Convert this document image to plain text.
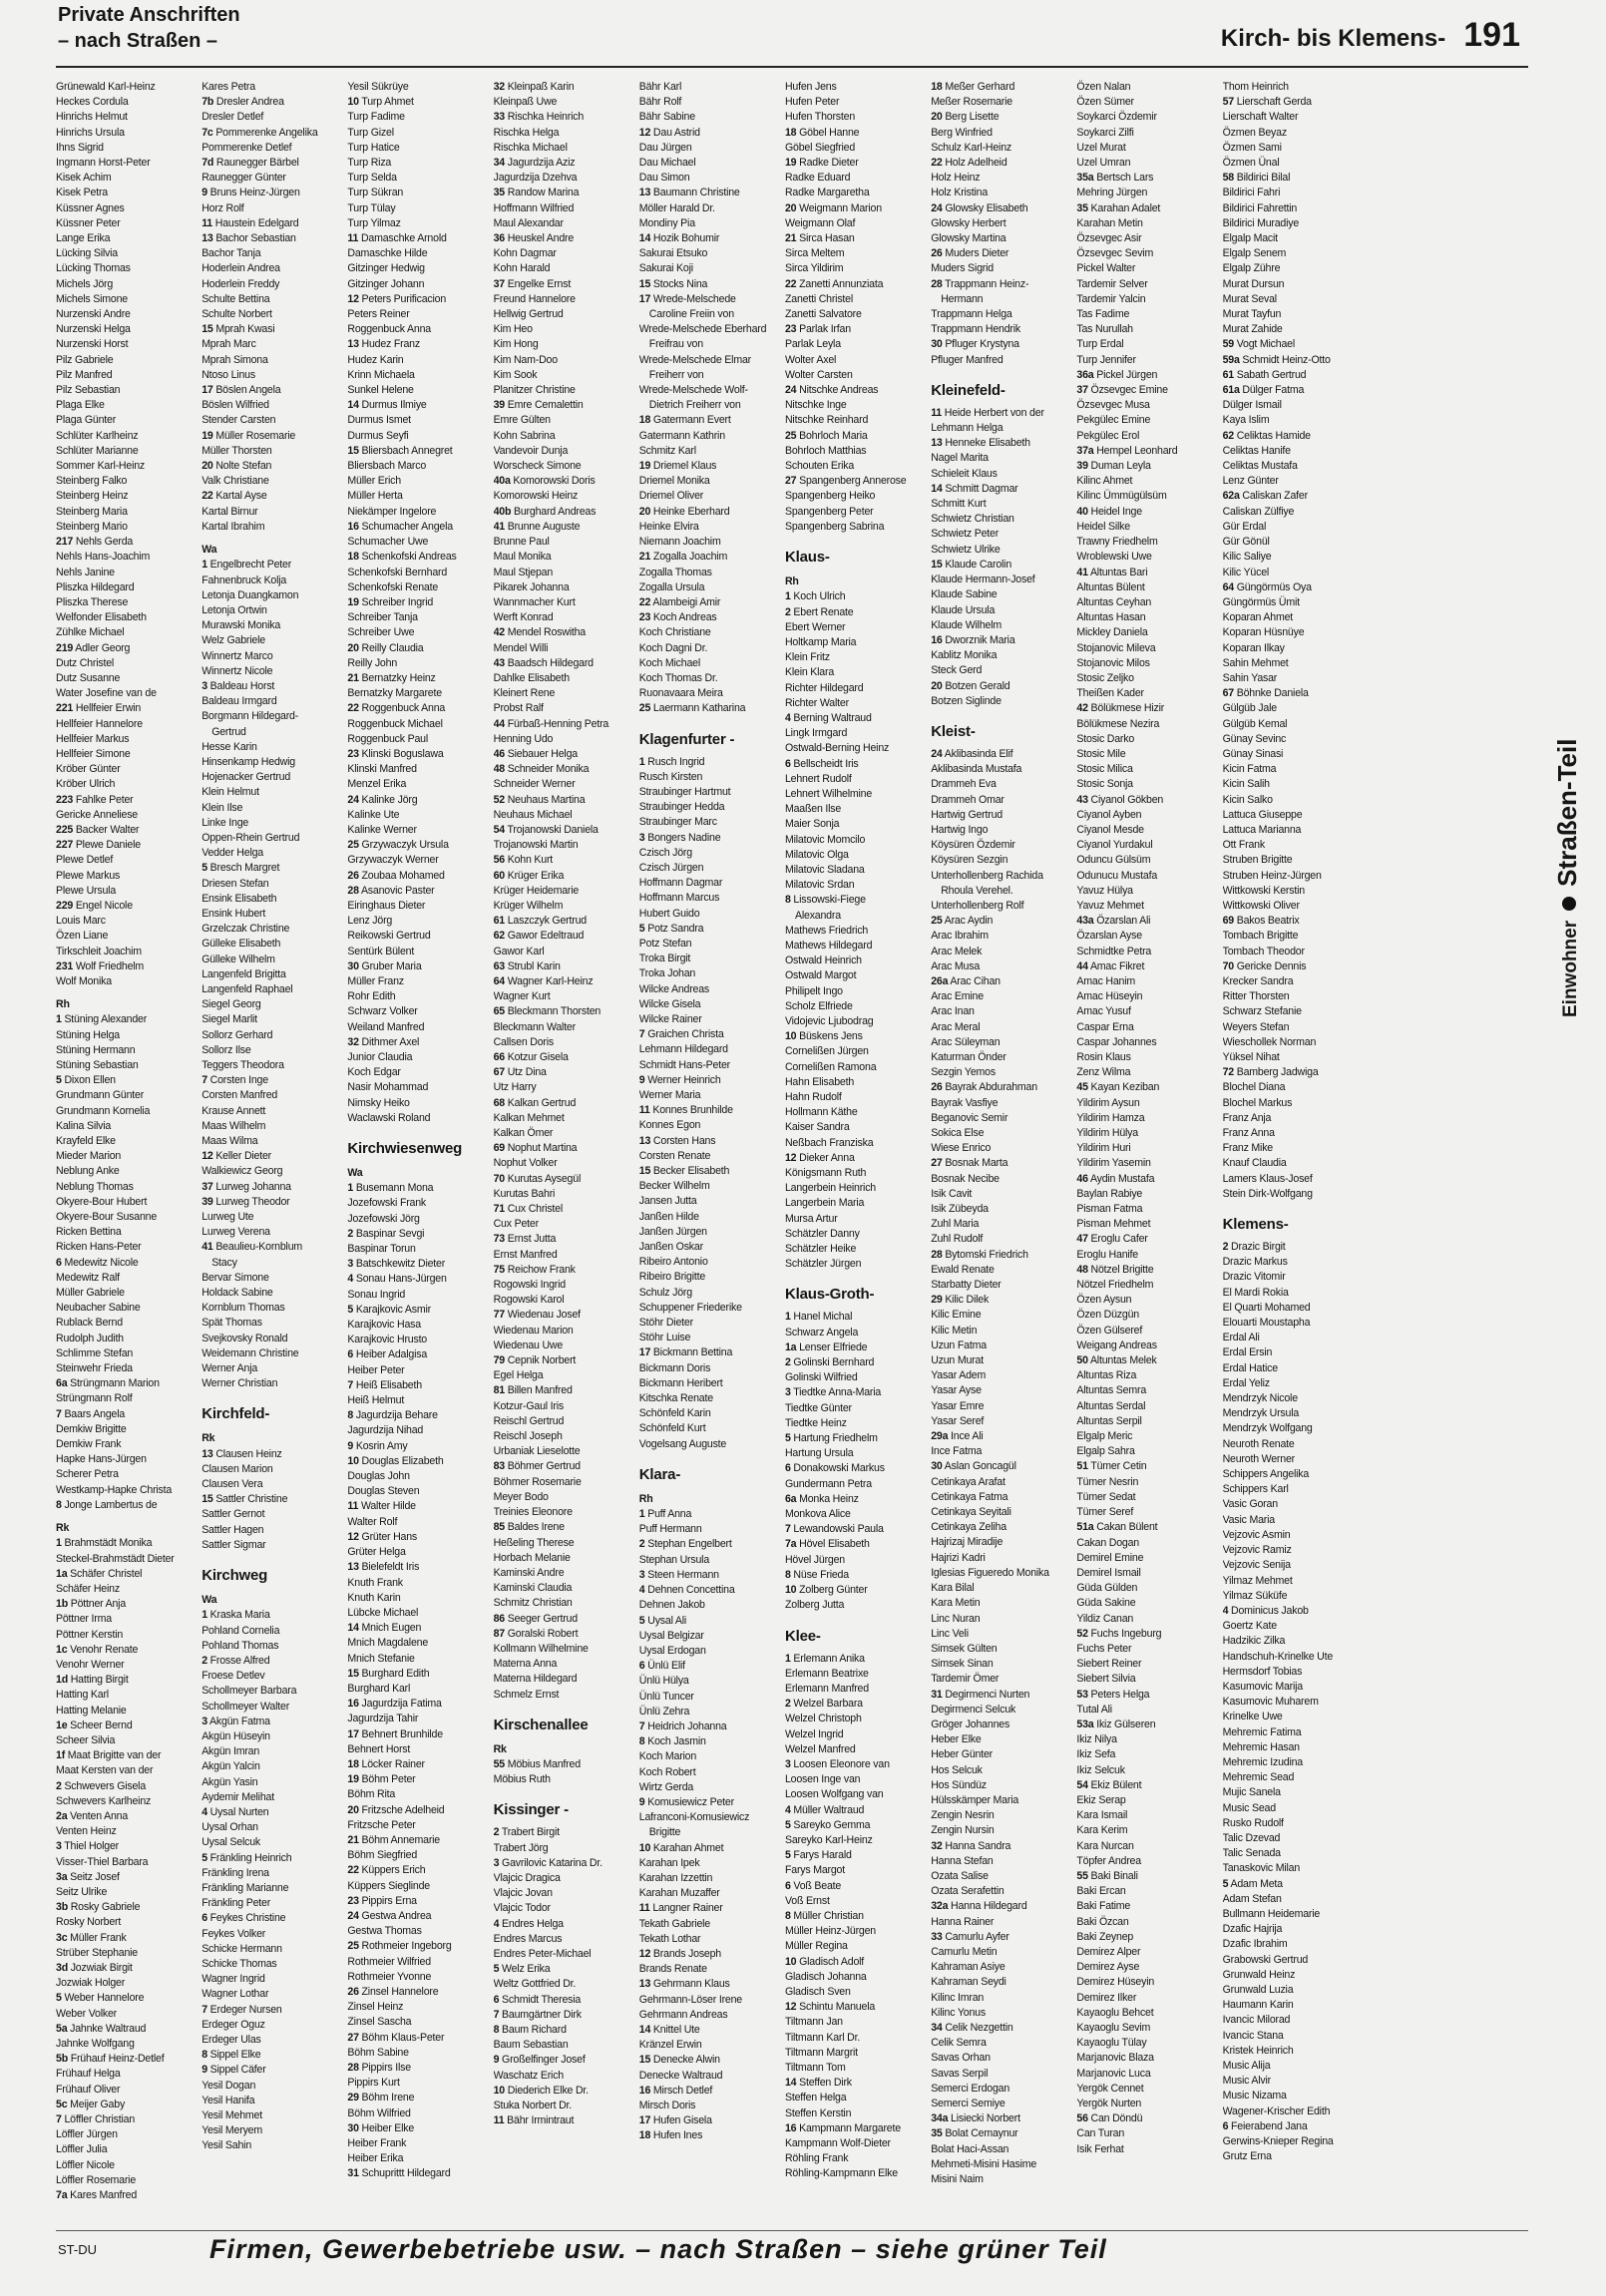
Private Anschriften
– nach Straßen –	Kirch- bis Klemens- 191
Grünewald Karl-Heinz
Heckes Cordula
Hinrichs Helmut
Hinrichs Ursula
Ihns Sigrid
Ingmann Horst-Peter
Kisek Achim
Kisek Petra
Küssner Agnes
Küssner Peter
Lange Erika
Lücking Silvia
Lücking Thomas
Michels Jörg
Michels Simone
Nurzenski Andre
Nurzenski Helga
Nurzenski Horst
Pilz Gabriele
Pilz Manfred
Pilz Sebastian
Plaga Elke
Plaga Günter
Schlüter Karlheinz
Schlüter Marianne
Sommer Karl-Heinz
Steinberg Falko
Steinberg Heinz
Steinberg Maria
Steinberg Mario
217 Nehls Gerda
Nehls Hans-Joachim
Nehls Janine
Pliszka Hildegard
Pliszka Therese
Welfonder Elisabeth
Zühlke Michael
219 Adler Georg
Dutz Christel
Dutz Susanne
Water Josefine van de
221 Hellfeier Erwin
Hellfeier Hannelore
Hellfeier Markus
Hellfeier Simone
Kröber Günter
Kröber Ulrich
223 Fahlke Peter
Gericke Anneliese
225 Backer Walter
227 Plewe Daniele
Plewe Detlef
Plewe Markus
Plewe Ursula
229 Engel Nicole
Louis Marc
Özen Liane
Tirkschleit Joachim
231 Wolf Friedhelm
Wolf Monika
Rh
1 Stüning Alexander
Stüning Helga
Stüning Hermann
Stüning Sebastian
5 Dixon Ellen
Grundmann Günter
Grundmann Kornelia
Kalina Silvia
Krayfeld Elke
Mieder Marion
Neblung Anke
Neblung Thomas
Okyere-Bour Hubert
Okyere-Bour Susanne
Ricken Bettina
Ricken Hans-Peter
6 Medewitz Nicole
Medewitz Ralf
Müller Gabriele
Neubacher Sabine
Rublack Bernd
Rudolph Judith
Schlimme Stefan
Steinwehr Frieda
6a Strüngmann Marion
Strüngmann Rolf
7 Baars Angela
Demkiw Brigitte
Demkiw Frank
Hapke Hans-Jürgen
Scherer Petra
Westkamp-Hapke Christa
8 Jonge Lambertus de
Rk
1 Brahmstädt Monika
Steckel-Brahmstädt Dieter
1a Schäfer Christel
Schäfer Heinz
1b Pöttner Anja
Pöttner Irma
Pöttner Kerstin
1c Venohr Renate
Venohr Werner
1d Hatting Birgit
Hatting Karl
Hatting Melanie
1e Scheer Bernd
Scheer Silvia
1f Maat Brigitte van der
Maat Kersten van der
2 Schwevers Gisela
Schwevers Karlheinz
2a Venten Anna
Venten Heinz
3 Thiel Holger
Visser-Thiel Barbara
3a Seitz Josef
Seitz Ulrike
3b Rosky Gabriele
Rosky Norbert
3c Müller Frank
Strüber Stephanie
3d Jozwiak Birgit
Jozwiak Holger
5 Weber Hannelore
Weber Volker
5a Jahnke Waltraud
Jahnke Wolfgang
5b Frühauf Heinz-Detlef
Frühauf Helga
Frühauf Oliver
5c Meijer Gaby
7 Löffler Christian
Löffler Jürgen
Löffler Julia
Löffler Nicole
Löffler Rosemarie
7a Kares Manfred
Kares Petra
7b Dresler Andrea
Dresler Detlef
7c Pommerenke Angelika
Pommerenke Detlef
7d Raunegger Bärbel
Raunegger Günter
9 Bruns Heinz-Jürgen
Horz Rolf
11 Haustein Edelgard
13 Bachor Sebastian
Bachor Tanja
Hoderlein Andrea
Hoderlein Freddy
Schulte Bettina
Schulte Norbert
15 Mprah Kwasi
Mprah Marc
Mprah Simona
Ntoso Linus
17 Böslen Angela
Böslen Wilfried
Stender Carsten
19 Müller Rosemarie
Müller Thorsten
20 Nolte Stefan
Valk Christiane
22 Kartal Ayse
Kartal Birnur
Kartal Ibrahim
Wa
1 Engelbrecht Peter
Fahnenbruck Kolja
Letonja Duangkamon
Letonja Ortwin
Murawski Monika
Welz Gabriele
Winnertz Marco
Winnertz Nicole
3 Baldeau Horst
Baldeau Irmgard
Borgmann Hildegard-
Gertrud
Hesse Karin
Hinsenkamp Hedwig
Hojenacker Gertrud
Klein Helmut
Klein Ilse
Linke Inge
Oppen-Rhein Gertrud
Vedder Helga
5 Bresch Margret
Driesen Stefan
Ensink Elisabeth
Ensink Hubert
Grzelczak Christine
Gülleke Elisabeth
Gülleke Wilhelm
Langenfeld Brigitta
Langenfeld Raphael
Siegel Georg
Siegel Marlit
Sollorz Gerhard
Sollorz Ilse
Teggers Theodora
7 Corsten Inge
Corsten Manfred
Krause Annett
Maas Wilhelm
Maas Wilma
12 Keller Dieter
Walkiewicz Georg
37 Lurweg Johanna
39 Lurweg Theodor
Lurweg Ute
Lurweg Verena
41 Beaulieu-Kornblum
Stacy
Bervar Simone
Holdack Sabine
Kornblum Thomas
Spät Thomas
Svejkovsky Ronald
Weidemann Christine
Werner Anja
Werner Christian
Kirchfeld-
Rk
13 Clausen Heinz
Clausen Marion
Clausen Vera
15 Sattler Christine
Sattler Gernot
Sattler Hagen
Sattler Sigmar
Kirchweg
Wa
1 Kraska Maria
Pohland Cornelia
Pohland Thomas
2 Frosse Alfred
Froese Detlev
Schollmeyer Barbara
Schollmeyer Walter
3 Akgün Fatma
Akgün Hüseyin
Akgün Imran
Akgün Yalcin
Akgün Yasin
Aydemir Melihat
4 Uysal Nurten
Uysal Orhan
Uysal Selcuk
5 Fränkling Heinrich
Fränkling Irena
Fränkling Marianne
Fränkling Peter
6 Feykes Christine
Feykes Volker
Schicke Hermann
Schicke Thomas
Wagner Ingrid
Wagner Lothar
7 Erdeger Nursen
Erdeger Oguz
Erdeger Ulas
8 Sippel Elke
9 Sippel Cäfer
Yesil Dogan
Yesil Hanifa
Yesil Mehmet
Yesil Meryem
Yesil Sahin
Yesil Sükrüye
10 Turp Ahmet
Turp Fadime
Turp Gizel
Turp Hatice
Turp Riza
Turp Selda
Turp Sükran
Turp Tülay
Turp Yilmaz
11 Damaschke Arnold
Damaschke Hilde
Gitzinger Hedwig
Gitzinger Johann
12 Peters Purificacion
Peters Reiner
Roggenbuck Anna
13 Hudez Franz
Hudez Karin
Krinn Michaela
Sunkel Helene
14 Durmus Ilmiye
Durmus Ismet
Durmus Seyfi
15 Bliersbach Annegret
Bliersbach Marco
Müller Erich
Müller Herta
Niekämper Ingelore
16 Schumacher Angela
Schumacher Uwe
18 Schenkofski Andreas
Schenkofski Bernhard
Schenkofski Renate
19 Schreiber Ingrid
Schreiber Tanja
Schreiber Uwe
20 Reilly Claudia
Reilly John
21 Bernatzky Heinz
Bernatzky Margarete
22 Roggenbuck Anna
Roggenbuck Michael
Roggenbuck Paul
23 Klinski Boguslawa
Klinski Manfred
Menzel Erika
24 Kalinke Jörg
Kalinke Ute
Kalinke Werner
25 Grzywaczyk Ursula
Grzywaczyk Werner
26 Zoubaa Mohamed
28 Asanovic Paster
Eiringhaus Dieter
Lenz Jörg
Reikowski Gertrud
Sentürk Bülent
30 Gruber Maria
Müller Franz
Rohr Edith
Schwarz Volker
Weiland Manfred
32 Dithmer Axel
Junior Claudia
Koch Edgar
Nasir Mohammad
Nimsky Heiko
Waclawski Roland
Kirchwiesenweg
Wa
1 Busemann Mona
Jozefowski Frank
Jozefowski Jörg
2 Baspinar Sevgi
Baspinar Torun
3 Batschkewitz Dieter
4 Sonau Hans-Jürgen
Sonau Ingrid
5 Karajkovic Asmir
Karajkovic Hasa
Karajkovic Hrusto
6 Heiber Adalgisa
Heiber Peter
7 Heiß Elisabeth
Heiß Helmut
8 Jagurdzija Behare
Jagurdzija Nihad
9 Kosrin Amy
10 Douglas Elizabeth
Douglas John
Douglas Steven
11 Walter Hilde
Walter Rolf
12 Grüter Hans
Grüter Helga
13 Bielefeldt Iris
Knuth Frank
Knuth Karin
Lübcke Michael
14 Mnich Eugen
Mnich Magdalene
Mnich Stefanie
15 Burghard Edith
Burghard Karl
16 Jagurdzija Fatima
Jagurdzija Tahir
17 Behnert Brunhilde
Behnert Horst
18 Löcker Rainer
19 Böhm Peter
Böhm Rita
20 Fritzsche Adelheid
Fritzsche Peter
21 Böhm Annemarie
Böhm Siegfried
22 Küppers Erich
Küppers Sieglinde
23 Pippirs Erna
24 Gestwa Andrea
Gestwa Thomas
25 Rothmeier Ingeborg
Rothmeier Wilfried
Rothmeier Yvonne
26 Zinsel Hannelore
Zinsel Heinz
Zinsel Sascha
27 Böhm Klaus-Peter
Böhm Sabine
28 Pippirs Ilse
Pippirs Kurt
29 Böhm Irene
Böhm Wilfried
30 Heiber Elke
Heiber Frank
Heiber Erika
31 Schuprittt Hildegard
32 Kleinpaß Karin
Kleinpaß Uwe
33 Rischka Heinrich
Rischka Helga
Rischka Michael
34 Jagurdzija Aziz
Jagurdzija Dzehva
35 Randow Marina
Hoffmann Wilfried
Maul Alexandar
36 Heuskel Andre
Kohn Dagmar
Kohn Harald
37 Engelke Ernst
Freund Hannelore
Hellwig Gertrud
Kim Heo
Kim Hong
Kim Nam-Doo
Kim Sook
Planitzer Christine
39 Emre Cemalettin
Emre Gülten
Kohn Sabrina
Vandevoir Dunja
Worscheck Simone
40a Komorowski Doris
Komorowski Heinz
40b Burghard Andreas
41 Brunne Auguste
Brunne Paul
Maul Monika
Maul Stjepan
Pikarek Johanna
Wannmacher Kurt
Werft Konrad
42 Mendel Roswitha
Mendel Willi
43 Baadsch Hildegard
Dahlke Elisabeth
Kleinert Rene
Probst Ralf
44 Fürbaß-Henning Petra
Henning Udo
46 Siebauer Helga
48 Schneider Monika
Schneider Werner
52 Neuhaus Martina
Neuhaus Michael
54 Trojanowski Daniela
Trojanowski Martin
56 Kohn Kurt
60 Krüger Erika
Krüger Heidemarie
Krüger Wilhelm
61 Laszczyk Gertrud
62 Gawor Edeltraud
Gawor Karl
63 Strubl Karin
64 Wagner Karl-Heinz
Wagner Kurt
65 Bleckmann Thorsten
Bleckmann Walter
Callsen Doris
66 Kotzur Gisela
67 Utz Dina
Utz Harry
68 Kalkan Gertrud
Kalkan Mehmet
Kalkan Ömer
69 Nophut Martina
Nophut Volker
70 Kurutas Aysegül
Kurutas Bahri
71 Cux Christel
Cux Peter
73 Ernst Jutta
Ernst Manfred
75 Reichow Frank
Rogowski Ingrid
Rogowski Karol
77 Wiedenau Josef
Wiedenau Marion
Wiedenau Uwe
79 Cepnik Norbert
Egel Helga
81 Billen Manfred
Kotzur-Gaul Iris
Reischl Gertrud
Reischl Joseph
Urbaniak Lieselotte
83 Böhmer Gertrud
Böhmer Rosemarie
Meyer Bodo
Treinies Eleonore
85 Baldes Irene
Heßeling Therese
Horbach Melanie
Kaminski Andre
Kaminski Claudia
Schmitz Christian
86 Seeger Gertrud
87 Goralski Robert
Kollmann Wilhelmine
Materna Anna
Materna Hildegard
Schmelz Ernst
Kirschenallee
Rk
55 Möbius Manfred
Möbius Ruth
Kissinger -
2 Trabert Birgit
Trabert Jörg
3 Gavrilovic Katarina Dr.
Vlajcic Dragica
Vlajcic Jovan
Vlajcic Todor
4 Endres Helga
Endres Marcus
Endres Peter-Michael
5 Welz Erika
Weltz Gottfried Dr.
6 Schmidt Theresia
7 Baumgärtner Dirk
8 Baum Richard
Baum Sebastian
9 Großelfinger Josef
Waschatz Erich
10 Diederich Elke Dr.
Stuka Norbert Dr.
11 Bähr Irmintraut
Bähr Karl
Bähr Rolf
Bähr Sabine
12 Dau Astrid
Dau Jürgen
Dau Michael
Dau Simon
13 Baumann Christine
Möller Harald Dr.
Mondiny Pia
14 Hozik Bohumir
Sakurai Etsuko
Sakurai Koji
15 Stocks Nina
17 Wrede-Melschede
Caroline Freiin von
Wrede-Melschede Eberhard
Freifrau von
Wrede-Melschede Elmar
Freiherr von
Wrede-Melschede Wolf-
Dietrich Freiherr von
18 Gatermann Evert
Gatermann Kathrin
Schmitz Karl
19 Driemel Klaus
Driemel Monika
Driemel Oliver
20 Heinke Eberhard
Heinke Elvira
Niemann Joachim
21 Zogalla Joachim
Zogalla Thomas
Zogalla Ursula
22 Alambeigi Amir
23 Koch Andreas
Koch Christiane
Koch Dagni Dr.
Koch Michael
Koch Thomas Dr.
Ruonavaara Meira
25 Laermann Katharina
Klagenfurter -
1 Rusch Ingrid
Rusch Kirsten
Straubinger Hartmut
Straubinger Hedda
Straubinger Marc
3 Bongers Nadine
Czisch Jörg
Czisch Jürgen
Hoffmann Dagmar
Hoffmann Marcus
Hubert Guido
5 Potz Sandra
Potz Stefan
Troka Birgit
Troka Johan
Wilcke Andreas
Wilcke Gisela
Wilcke Rainer
7 Graichen Christa
Lehmann Hildegard
Schmidt Hans-Peter
9 Werner Heinrich
Werner Maria
11 Konnes Brunhilde
Konnes Egon
13 Corsten Hans
Corsten Renate
15 Becker Elisabeth
Becker Wilhelm
Jansen Jutta
Janßen Hilde
Janßen Jürgen
Janßen Oskar
Ribeiro Antonio
Ribeiro Brigitte
Schulz Jörg
Schuppener Friederike
Stöhr Dieter
Stöhr Luise
17 Bickmann Bettina
Bickmann Doris
Bickmann Heribert
Kitschka Renate
Schönfeld Karin
Schönfeld Kurt
Vogelsang Auguste
Klara-
Rh
1 Puff Anna
Puff Hermann
2 Stephan Engelbert
Stephan Ursula
3 Steen Hermann
4 Dehnen Concettina
Dehnen Jakob
5 Uysal Ali
Uysal Belgizar
Uysal Erdogan
6 Ünlü Elif
Ünlü Hülya
Ünlü Tuncer
Ünlü Zehra
7 Heidrich Johanna
8 Koch Jasmin
Koch Marion
Koch Robert
Wirtz Gerda
9 Komusiewicz Peter
Lafranconi-Komusiewicz
Brigitte
10 Karahan Ahmet
Karahan Ipek
Karahan Izzettin
Karahan Muzaffer
11 Langner Rainer
Tekath Gabriele
Tekath Lothar
12 Brands Joseph
Brands Renate
13 Gehrmann Klaus
Gehrmann-Löser Irene
Gehrmann Andreas
14 Knittel Ute
Kränzel Erwin
15 Denecke Alwin
Denecke Waltraud
16 Mirsch Detlef
Mirsch Doris
17 Hufen Gisela
18 Hufen Ines
Hufen Jens
Hufen Peter
Hufen Thorsten
18 Göbel Hanne
Göbel Siegfried
19 Radke Dieter
Radke Eduard
Radke Margaretha
20 Weigmann Marion
Weigmann Olaf
21 Sirca Hasan
Sirca Meltem
Sirca Yildirim
22 Zanetti Annunziata
Zanetti Christel
Zanetti Salvatore
23 Parlak Irfan
Parlak Leyla
Wolter Axel
Wolter Carsten
24 Nitschke Andreas
Nitschke Inge
Nitschke Reinhard
25 Bohrloch Maria
Bohrloch Matthias
Schouten Erika
27 Spangenberg Annerose
Spangenberg Heiko
Spangenberg Peter
Spangenberg Sabrina
Klaus-
Rh
1 Koch Ulrich
2 Ebert Renate
Ebert Werner
Holtkamp Maria
Klein Fritz
Klein Klara
Richter Hildegard
Richter Walter
4 Berning Waltraud
Lingk Irmgard
Ostwald-Berning Heinz
6 Bellscheidt Iris
Lehnert Rudolf
Lehnert Wilhelmine
Maaßen Ilse
Maier Sonja
Milatovic Momcilo
Milatovic Olga
Milatovic Sladana
Milatovic Srdan
8 Lissowski-Fiege
Alexandra
Mathews Friedrich
Mathews Hildegard
Ostwald Heinrich
Ostwald Margot
Philipelt Ingo
Scholz Elfriede
Vidojevic Ljubodrag
10 Büskens Jens
Cornelißen Jürgen
Cornelißen Ramona
Hahn Elisabeth
Hahn Rudolf
Hollmann Käthe
Kaiser Sandra
Neßbach Franziska
12 Dieker Anna
Königsmann Ruth
Langerbein Heinrich
Langerbein Maria
Mursa Artur
Schätzler Danny
Schätzler Heike
Schätzler Jürgen
Klaus-Groth-
1 Hanel Michal
Schwarz Angela
1a Lenser Elfriede
2 Golinski Bernhard
Golinski Wilfried
3 Tiedtke Anna-Maria
Tiedtke Günter
Tiedtke Heinz
5 Hartung Friedhelm
Hartung Ursula
6 Donakowski Markus
Gundermann Petra
6a Monka Heinz
Monkova Alice
7 Lewandowski Paula
7a Hövel Elisabeth
Hövel Jürgen
8 Nüse Frieda
10 Zolberg Günter
Zolberg Jutta
Klee-
1 Erlemann Anika
Erlemann Beatrixe
Erlemann Manfred
2 Welzel Barbara
Welzel Christoph
Welzel Ingrid
Welzel Manfred
3 Loosen Eleonore van
Loosen Inge van
Loosen Wolfgang van
4 Müller Waltraud
5 Sareyko Gemma
Sareyko Karl-Heinz
5 Farys Harald
Farys Margot
6 Voß Beate
Voß Ernst
8 Müller Christian
Müller Heinz-Jürgen
Müller Regina
10 Gladisch Adolf
Gladisch Johanna
Gladisch Sven
12 Schintu Manuela
Tiltmann Jan
Tiltmann Karl Dr.
Tiltmann Margrit
Tiltmann Tom
14 Steffen Dirk
Steffen Helga
Steffen Kerstin
16 Kampmann Margarete
Kampmann Wolf-Dieter
Röhling Frank
Röhling-Kampmann Elke
18 Meßer Gerhard
Meßer Rosemarie
20 Berg Lisette
Berg Winfried
Schulz Karl-Heinz
22 Holz Adelheid
Holz Heinz
Holz Kristina
24 Glowsky Elisabeth
Glowsky Herbert
Glowsky Martina
26 Muders Dieter
Muders Sigrid
28 Trappmann Heinz-
Hermann
Trappmann Helga
Trappmann Hendrik
30 Pfluger Krystyna
Pfluger Manfred
Kleinefeld-
11 Heide Herbert von der
Lehmann Helga
13 Henneke Elisabeth
Nagel Marita
Schieleit Klaus
14 Schmitt Dagmar
Schmitt Kurt
Schwietz Christian
Schwietz Peter
Schwietz Ulrike
15 Klaude Carolin
Klaude Hermann-Josef
Klaude Sabine
Klaude Ursula
Klaude Wilhelm
16 Dworznik Maria
Kablitz Monika
Steck Gerd
20 Botzen Gerald
Botzen Siglinde
Kleist-
24 Aklibasinda Elif
Aklibasinda Mustafa
Drammeh Eva
Drammeh Omar
Hartwig Gertrud
Hartwig Ingo
Köysüren Özdemir
Köysüren Sezgin
Unterhollenberg Rachida
Rhoula Verehel.
Unterhollenberg Rolf
25 Arac Aydin
Arac Ibrahim
Arac Melek
Arac Musa
26a Arac Cihan
Arac Emine
Arac Inan
Arac Meral
Arac Süleyman
Katurman Önder
Sezgin Yemos
26 Bayrak Abdurahman
Bayrak Vasfiye
Beganovic Semir
Sokica Else
Wiese Enrico
27 Bosnak Marta
Bosnak Necibe
Isik Cavit
Isik Zübeyda
Zuhl Maria
Zuhl Rudolf
28 Bytomski Friedrich
Ewald Renate
Starbatty Dieter
29 Kilic Dilek
Kilic Emine
Kilic Metin
Uzun Fatma
Uzun Murat
Yasar Adem
Yasar Ayse
Yasar Emre
Yasar Seref
29a Ince Ali
Ince Fatma
30 Aslan Goncagül
Cetinkaya Arafat
Cetinkaya Fatma
Cetinkaya Seyitali
Cetinkaya Zeliha
Hajrizaj Miradije
Hajrizi Kadri
Iglesias Figueredo Monika
Kara Bilal
Kara Metin
Linc Nuran
Linc Veli
Simsek Gülten
Simsek Sinan
Tardemir Ömer
31 Degirmenci Nurten
Degirmenci Selcuk
Gröger Johannes
Heber Elke
Heber Günter
Hos Selcuk
Hos Sündüz
Hülsskämper Maria
Zengin Nesrin
Zengin Nursin
32 Hanna Sandra
Hanna Stefan
Ozata Salise
Ozata Serafettin
32a Hanna Hildegard
Hanna Rainer
33 Camurlu Ayfer
Camurlu Metin
Kahraman Asiye
Kahraman Seydi
Kilinc Imran
Kilinc Yonus
34 Celik Nezgettin
Celik Semra
Savas Orhan
Savas Serpil
Semerci Erdogan
Semerci Semiye
34a Lisiecki Norbert
35 Bolat Cemaynur
Bolat Haci-Assan
Mehmeti-Misini Hasime
Misini Naim
Özen Nalan
Özen Sümer
Soykarci Özdemir
Soykarci Zilfi
Uzel Murat
Uzel Umran
35a Bertsch Lars
Mehring Jürgen
35 Karahan Adalet
Karahan Metin
Özsevgec Asir
Özsevgec Sevim
Pickel Walter
Tardemir Selver
Tardemir Yalcin
Tas Fadime
Tas Nurullah
Turp Erdal
Turp Jennifer
36a Pickel Jürgen
37 Özsevgec Emine
Özsevgec Musa
Pekgülec Emine
Pekgülec Erol
37a Hempel Leonhard
39 Duman Leyla
Kilinc Ahmet
Kilinc Ümmügülsüm
40 Heidel Inge
Heidel Silke
Trawny Friedhelm
Wroblewski Uwe
41 Altuntas Bari
Altuntas Bülent
Altuntas Ceyhan
Altuntas Hasan
Mickley Daniela
Stojanovic Mileva
Stojanovic Milos
Stosic Zeljko
Theißen Kader
42 Bölükmese Hizir
Bölükmese Nezira
Stosic Darko
Stosic Mile
Stosic Milica
Stosic Sonja
43 Ciyanol Gökben
Ciyanol Ayben
Ciyanol Mesde
Ciyanol Yurdakul
Oduncu Gülsüm
Odunucu Mustafa
Yavuz Hülya
Yavuz Mehmet
43a Özarslan Ali
Özarslan Ayse
Schmidtke Petra
44 Amac Fikret
Amac Hanim
Amac Hüseyin
Amac Yusuf
Caspar Erna
Caspar Johannes
Rosin Klaus
Zenz Wilma
45 Kayan Keziban
Yildirim Aysun
Yildirim Hamza
Yildirim Hülya
Yildirim Huri
Yildirim Yasemin
46 Aydin Mustafa
Baylan Rabiye
Pisman Fatma
Pisman Mehmet
47 Eroglu Cafer
Eroglu Hanife
48 Nötzel Brigitte
Nötzel Friedhelm
Özen Aysun
Özen Düzgün
Özen Gülseref
Weigang Andreas
50 Altuntas Melek
Altuntas Riza
Altuntas Semra
Altuntas Serdal
Altuntas Serpil
Elgalp Meric
Elgalp Sahra
51 Tümer Cetin
Tümer Nesrin
Tümer Sedat
Tümer Seref
51a Cakan Bülent
Cakan Dogan
Demirel Emine
Demirel Ismail
Güda Gülden
Güda Sakine
Yildiz Canan
52 Fuchs Ingeburg
Fuchs Peter
Siebert Reiner
Siebert Silvia
53 Peters Helga
Tutal Ali
53a Ikiz Gülseren
Ikiz Nilya
Ikiz Sefa
Ikiz Selcuk
54 Ekiz Bülent
Ekiz Serap
Kara Ismail
Kara Kerim
Kara Nurcan
Töpfer Andrea
55 Baki Binali
Baki Ercan
Baki Fatime
Baki Özcan
Baki Zeynep
Demirez Alper
Demirez Ayse
Demirez Hüseyin
Demirez Ilker
Kayaoglu Behcet
Kayaoglu Sevim
Kayaoglu Tülay
Marjanovic Blaza
Marjanovic Luca
Yergök Cennet
Yergök Nurten
56 Can Döndü
Can Turan
Isik Ferhat
Thom Heinrich
57 Lierschaft Gerda
Lierschaft Walter
Özmen Beyaz
Özmen Sami
Özmen Ünal
58 Bildirici Bilal
Bildirici Fahri
Bildirici Fahrettin
Bildirici Muradiye
Elgalp Macit
Elgalp Senem
Elgalp Zühre
Murat Dursun
Murat Seval
Murat Tayfun
Murat Zahide
59 Vogt Michael
59a Schmidt Heinz-Otto
61 Sabath Gertrud
61a Dülger Fatma
Dülger Ismail
Kaya Islim
62 Celiktas Hamide
Celiktas Hanife
Celiktas Mustafa
Lenz Günter
62a Caliskan Zafer
Caliskan Zülfiye
Gür Erdal
Gür Gönül
Kilic Saliye
Kilic Yücel
64 Güngörmüs Oya
Güngörmüs Ümit
Koparan Ahmet
Koparan Hüsnüye
Koparan Ilkay
Sahin Mehmet
Sahin Yasar
67 Böhnke Daniela
Gülgüb Jale
Gülgüb Kemal
Günay Sevinc
Günay Sinasi
Kicin Fatma
Kicin Salih
Kicin Salko
Lattuca Giuseppe
Lattuca Marianna
Ott Frank
Struben Brigitte
Struben Heinz-Jürgen
Wittkowski Kerstin
Wittkowski Oliver
69 Bakos Beatrix
Tombach Brigitte
Tombach Theodor
70 Gericke Dennis
Krecker Sandra
Ritter Thorsten
Schwarz Stefanie
Weyers Stefan
Wieschollek Norman
Yüksel Nihat
72 Bamberg Jadwiga
Blochel Diana
Blochel Markus
Franz Anja
Franz Anna
Franz Mike
Knauf Claudia
Lamers Klaus-Josef
Stein Dirk-Wolfgang
Klemens-
2 Drazic Birgit
Drazic Markus
Drazic Vitomir
El Mardi Rokia
El Quarti Mohamed
Elouarti Moustapha
Erdal Ali
Erdal Ersin
Erdal Hatice
Erdal Yeliz
Mendrzyk Nicole
Mendrzyk Ursula
Mendrzyk Wolfgang
Neuroth Renate
Neuroth Werner
Schippers Angelika
Schippers Karl
Vasic Goran
Vasic Maria
Vejzovic Asmin
Vejzovic Ramiz
Vejzovic Senija
Yilmaz Mehmet
Yilmaz Süküfe
4 Dominicus Jakob
Goertz Kate
Hadzikic Zilka
Handschuh-Krinelke Ute
Hermsdorf Tobias
Kasumovic Marija
Kasumovic Muharem
Krinelke Uwe
Mehremic Fatima
Mehremic Hasan
Mehremic Izudina
Mehremic Sead
Mujic Sanela
Music Sead
Rusko Rudolf
Talic Dzevad
Talic Senada
Tanaskovic Milan
5 Adam Meta
Adam Stefan
Bullmann Heidemarie
Dzafic Hajrija
Dzafic Ibrahim
Grabowski Gertrud
Grunwald Heinz
Grunwald Luzia
Haumann Karin
Ivancic Milorad
Ivancic Stana
Kristek Heinrich
Music Alija
Music Alvir
Music Nizama
Wagener-Krischer Edith
6 Feierabend Jana
Gerwins-Knieper Regina
Grutz Erna
Einwohner
Straßen-Teil
ST-DU	Firmen, Gewerbebetriebe usw. – nach Straßen – siehe grüner Teil
